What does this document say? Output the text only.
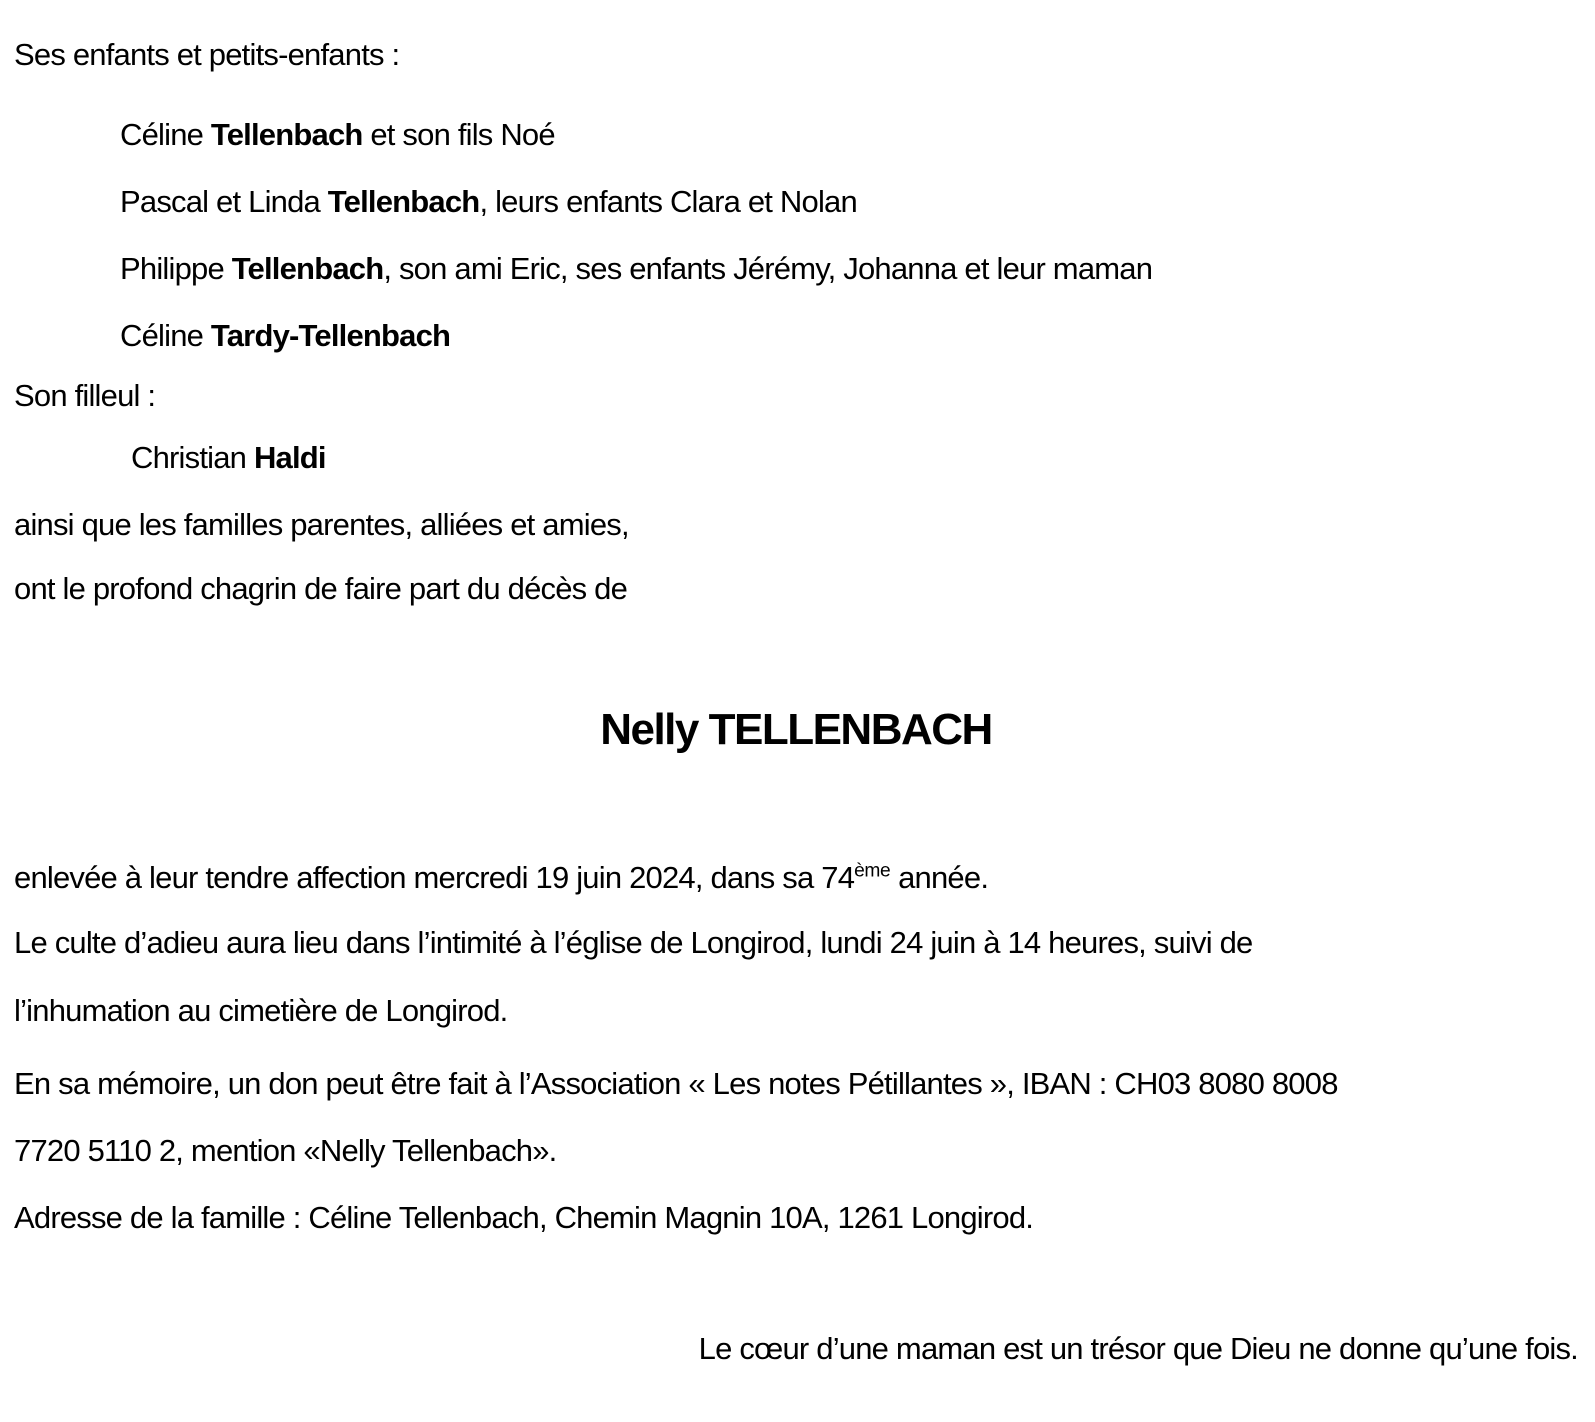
Ses enfants et petits-enfants :
Céline Tellenbach et son fils Noé
Pascal et Linda Tellenbach, leurs enfants Clara et Nolan
Philippe Tellenbach, son ami Eric, ses enfants Jérémy, Johanna et leur maman
Céline Tardy-Tellenbach
Son filleul :
Christian Haldi
ainsi que les familles parentes, alliées et amies,
ont le profond chagrin de faire part du décès de
Nelly TELLENBACH
enlevée à leur tendre affection mercredi 19 juin 2024, dans sa 74ème année.
Le culte d’adieu aura lieu dans l’intimité à l’église de Longirod, lundi 24 juin à 14 heures, suivi de
l’inhumation au cimetière de Longirod.
En sa mémoire, un don peut être fait à l’Association « Les notes Pétillantes », IBAN : CH03 8080 8008
7720 5110 2, mention «Nelly Tellenbach».
Adresse de la famille : Céline Tellenbach, Chemin Magnin 10A, 1261 Longirod.
Le cœur d’une maman est un trésor que Dieu ne donne qu’une fois.
